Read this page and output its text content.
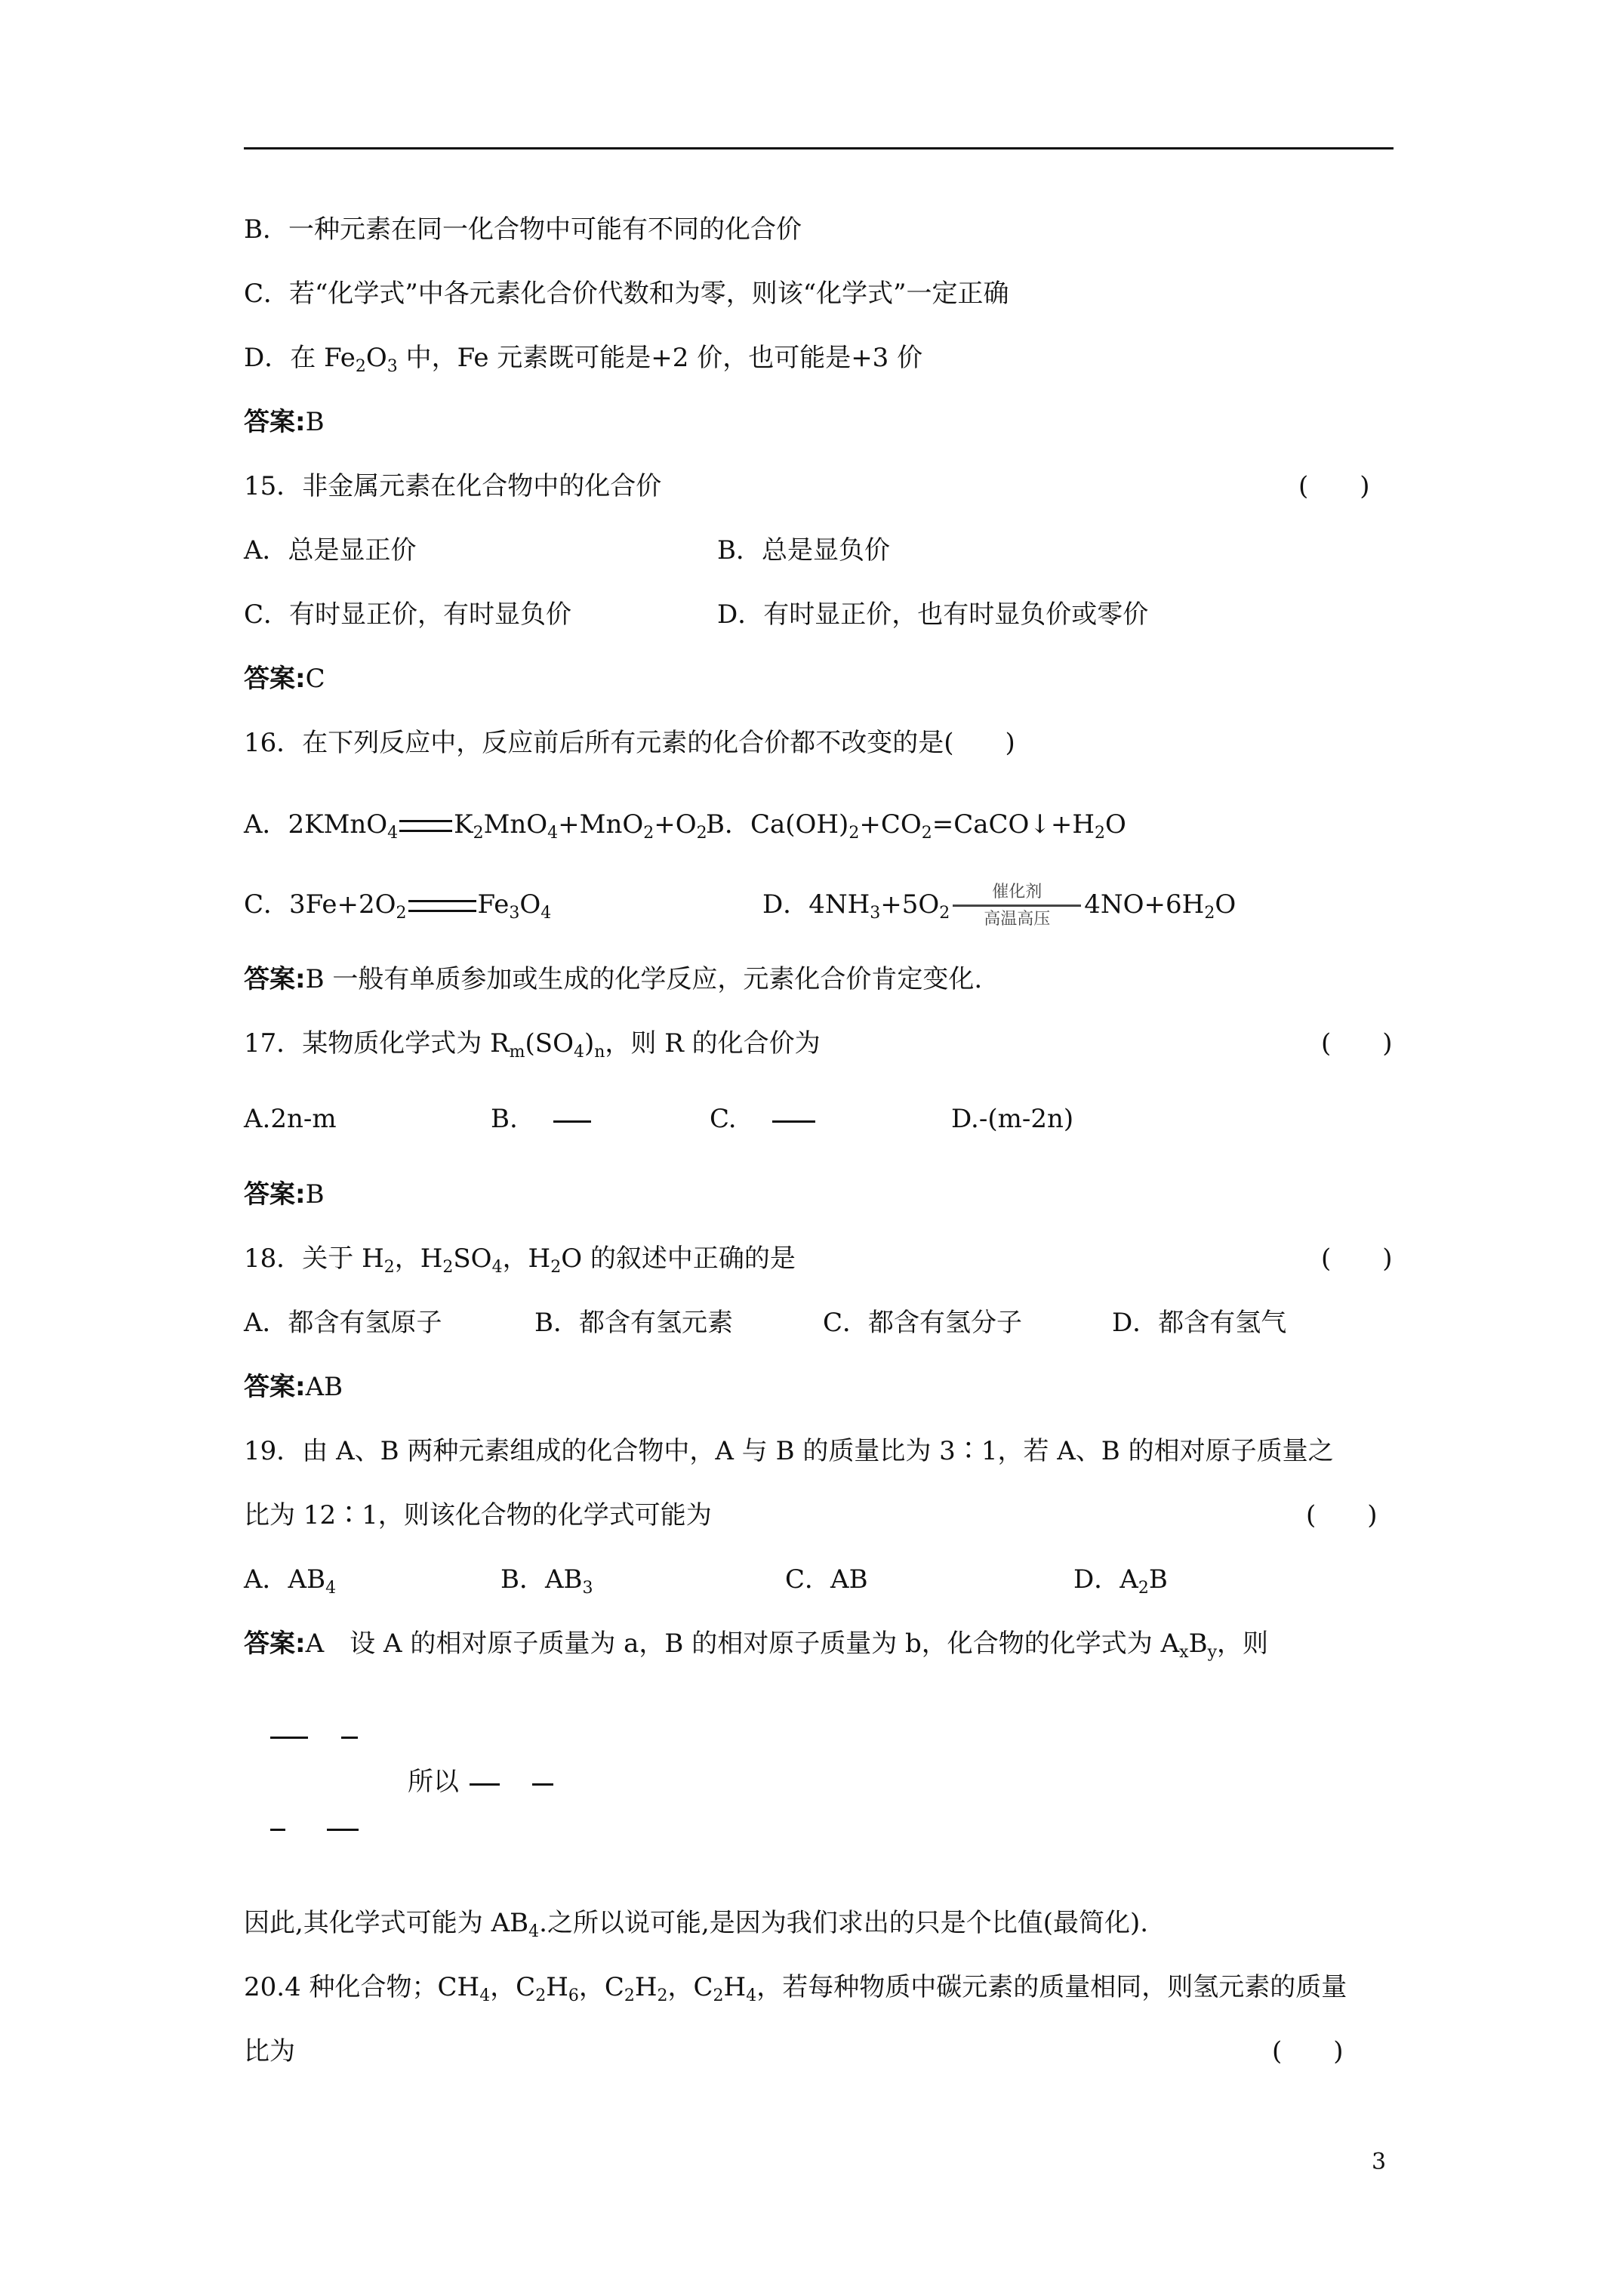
B．一种元素在同一化合物中可能有不同的化合价
C．若“化学式”中各元素化合价代数和为零，则该“化学式”一定正确
D．在 $Fe_2O_3$ 中，Fe 元素既可能是+2 价，也可能是+3 价
答案:B
15．非金属元素在化合物中的化合价	(　　)
A．总是显正价	B．总是显负价
C．有时显正价，有时显负价	D．有时显正价，也有时显负价或零价
答案:C
16．在下列反应中，反应前后所有元素的化合价都不改变的是(　　)
A．2KMnO$_4$ $K_2MnO_4+MnO_2+O_2$
B．$Ca(OH)_2+CO_2=CaCO↓+H_2O$
C．$3Fe+2O_2$	$Fe_3O_4$	D．$4NH_3+5O_2$
催化剂
高温高压	$4NO+6H_2O$
答案:B 一般有单质参加或生成的化学反应，元素化合价肯定变化.
17．某物质化学式为 $R_m(SO_4)_n$，则 R 的化合价为	(　　)
A.2n-m	B.	C.	D.-(m-2n)
答案:B
18．关于 $H_2$，$H_2SO_4$，$H_2O$ 的叙述中正确的是	(　　)
A．都含有氢原子	B．都含有氢元素	C．都含有氢分子	D．都含有氢气
答案:AB
19．由 A、B 两种元素组成的化合物中，A 与 B 的质量比为 3∶1，若 A、B 的相对原子质量之
比为 12∶1，则该化合物的化学式可能为	(　　)
A．$AB_4$	B．$AB_3$	C．AB	D．$A_2B$
答案:A　设 A 的相对原子质量为 a，B 的相对原子质量为 b，化合物的化学式为 $A_xB_y$，则
所以
因此,其化学式可能为 $AB_4$.之所以说可能,是因为我们求出的只是个比值(最简化).
20.4 种化合物；$CH_4$，$C_2H_6$，$C_2H_2$，$C_2H_4$，若每种物质中碳元素的质量相同，则氢元素的质量
比为	(　　)
3
